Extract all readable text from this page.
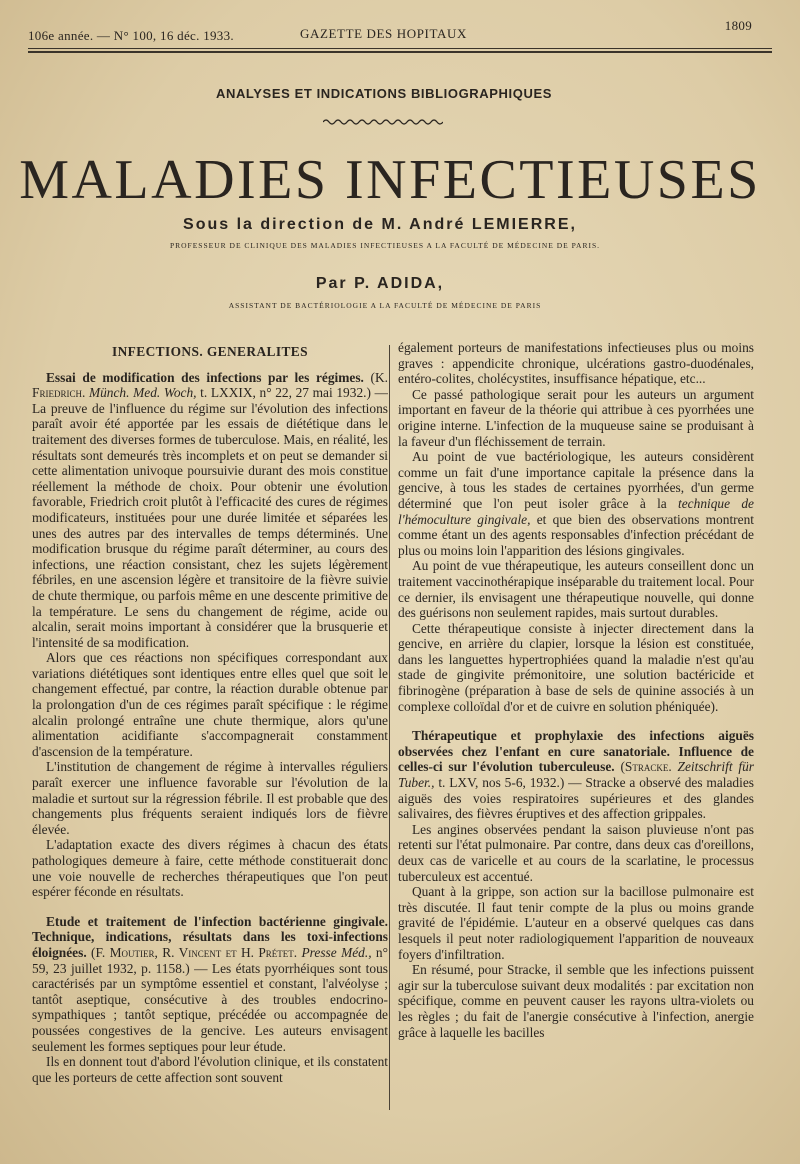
106e année. — N° 100, 16 déc. 1933.	GAZETTE DES HOPITAUX
1809
ANALYSES ET INDICATIONS BIBLIOGRAPHIQUES
MALADIES INFECTIEUSES
Sous la direction de M. André LEMIERRE,
PROFESSEUR DE CLINIQUE DES MALADIES INFECTIEUSES A LA FACULTÉ DE MÉDECINE DE PARIS.
Par P. ADIDA,
ASSISTANT DE BACTÉRIOLOGIE A LA FACULTÉ DE MÉDECINE DE PARIS
INFECTIONS. GENERALITES

Essai de modification des infections par les régimes. (K. Friedrich. Münch. Med. Woch, t. LXXIX, n° 22, 27 mai 1932.) — La preuve de l'influence du régime sur l'évolution des infections paraît avoir été apportée par les essais de diététique dans le traitement des diverses formes de tuberculose. Mais, en réalité, les résultats sont demeurés très incomplets et on peut se demander si cette alimentation univoque poursuivie durant des mois constitue réellement la méthode de choix. Pour obtenir une évolution favorable, Friedrich croit plutôt à l'efficacité des cures de régimes modificateurs, instituées pour une durée limitée et séparées les unes des autres par des intervalles de temps déterminés. Une modification brusque du régime paraît déterminer, au cours des infections, une réaction consistant, chez les sujets légèrement fébriles, en une ascension légère et transitoire de la fièvre suivie de chute thermique, ou parfois même en une descente primitive de la température. Le sens du changement de régime, acide ou alcalin, serait moins important à considérer que la brusquerie et l'intensité de sa modification.

Alors que ces réactions non spécifiques correspondant aux variations diététiques sont identiques entre elles quel que soit le changement effectué, par contre, la réaction durable obtenue par la prolongation d'un de ces régimes paraît spécifique : le régime alcalin prolongé entraîne une chute thermique, alors qu'une alimentation acidifiante s'accompagnerait constamment d'ascension de la température.

L'institution de changement de régime à intervalles réguliers paraît exercer une influence favorable sur l'évolution de la maladie et surtout sur la régression fébrile. Il est probable que des changements plus fréquents seraient indiqués lors de fièvre élevée.

L'adaptation exacte des divers régimes à chacun des états pathologiques demeure à faire, cette méthode constituerait donc une voie nouvelle de recherches thérapeutiques que l'on peut espérer féconde en résultats.

Etude et traitement de l'infection bactérienne gingivale. Technique, indications, résultats dans les toxi-infections éloignées. (F. Moutier, R. Vincent et H. Prétet. Presse Méd., n° 59, 23 juillet 1932, p. 1158.) — Les états pyorrhéiques sont tous caractérisés par un symptôme essentiel et constant, l'alvéolyse ; tantôt aseptique, consécutive à des troubles endocrino-sympathiques ; tantôt septique, précédée ou accompagnée de poussées congestives de la gencive. Les auteurs envisagent seulement les formes septiques pour leur étude.

Ils en donnent tout d'abord l'évolution clinique, et ils constatent que les porteurs de cette affection sont souvent

également porteurs de manifestations infectieuses plus ou moins graves : appendicite chronique, ulcérations gastro-duodénales, entéro-colites, cholécystites, insuffisance hépatique, etc...

Ce passé pathologique serait pour les auteurs un argument important en faveur de la théorie qui attribue à ces pyorrhées une origine interne. L'infection de la muqueuse saine se produisant à la faveur d'un fléchissement de terrain.

Au point de vue bactériologique, les auteurs considèrent comme un fait d'une importance capitale la présence dans la gencive, à tous les stades de certaines pyorrhées, d'un germe déterminé que l'on peut isoler grâce à la technique de l'hémoculture gingivale, et que bien des observations montrent comme étant un des agents responsables d'infection précédant de plus ou moins loin l'apparition des lésions gingivales.

Au point de vue thérapeutique, les auteurs conseillent donc un traitement vaccinothérapique inséparable du traitement local. Pour ce dernier, ils envisagent une thérapeutique nouvelle, qui donne des guérisons non seulement rapides, mais surtout durables.

Cette thérapeutique consiste à injecter directement dans la gencive, en arrière du clapier, lorsque la lésion est constituée, dans les languettes hypertrophiées quand la maladie n'est qu'au stade de gingivite prémonitoire, une solution bactéricide et fibrinogène (préparation à base de sels de quinine associés à un complexe colloïdal d'or et de cuivre en solution phéniquée).

Thérapeutique et prophylaxie des infections aiguës observées chez l'enfant en cure sanatoriale. Influence de celles-ci sur l'évolution tuberculeuse. (Stracke. Zeitschrift für Tuber., t. LXV, nos 5-6, 1932.) — Stracke a observé des maladies aiguës des voies respiratoires supérieures et des glandes salivaires, des fièvres éruptives et des affection grippales.

Les angines observées pendant la saison pluvieuse n'ont pas retenti sur l'état pulmonaire. Par contre, dans deux cas d'oreillons, deux cas de varicelle et au cours de la scarlatine, le processus tuberculeux est accentué.

Quant à la grippe, son action sur la bacillose pulmonaire est très discutée. Il faut tenir compte de la plus ou moins grande gravité de l'épidémie. L'auteur en a observé quelques cas dans lesquels il peut noter radiologiquement l'apparition de nouveaux foyers d'infiltration.

En résumé, pour Stracke, il semble que les infections puissent agir sur la tuberculose suivant deux modalités : par excitation non spécifique, comme en peuvent causer les rayons ultra-violets ou les règles ; du fait de l'anergie consécutive à l'infection, anergie grâce à laquelle les bacilles
